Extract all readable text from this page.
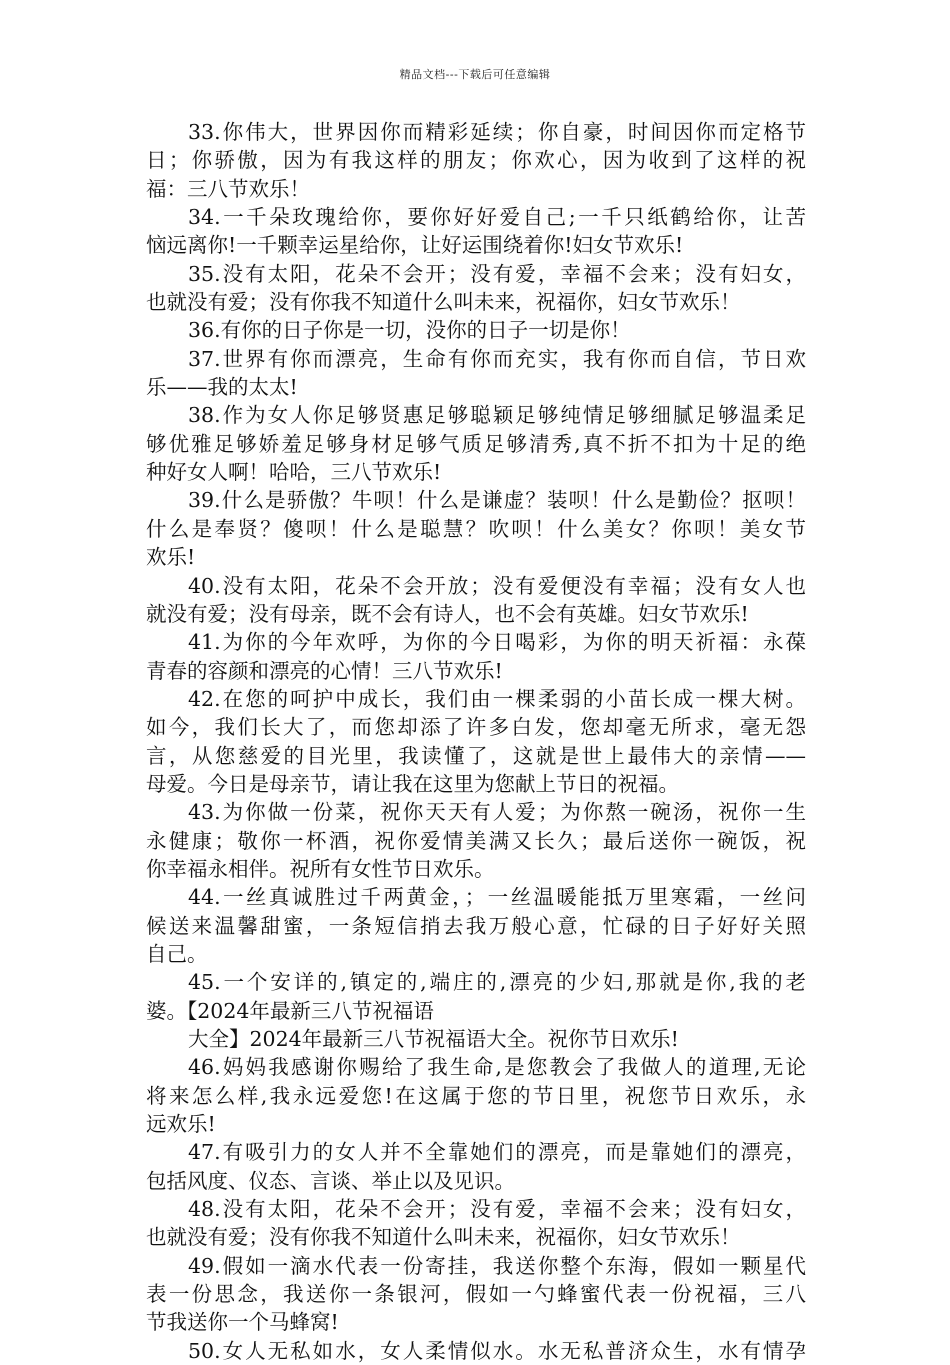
精品文档---下载后可任意编辑
33.你伟大，世界因你而精彩延续；你自豪，时间因你而定格节
日；你骄傲，因为有我这样的朋友；你欢心，因为收到了这样的祝
福：三八节欢乐！
34.一千朵玫瑰给你，要你好好爱自己;一千只纸鹤给你，让苦
恼远离你!一千颗幸运星给你，让好运围绕着你!妇女节欢乐!
35.没有太阳，花朵不会开；没有爱，幸福不会来；没有妇女，
也就没有爱；没有你我不知道什么叫未来，祝福你，妇女节欢乐！
36.有你的日子你是一切，没你的日子一切是你！
37.世界有你而漂亮，生命有你而充实，我有你而自信，节日欢
乐——我的太太!
38.作为女人你足够贤惠足够聪颖足够纯情足够细腻足够温柔足
够优雅足够娇羞足够身材足够气质足够清秀,真不折不扣为十足的绝
种好女人啊！哈哈，三八节欢乐!
39.什么是骄傲？牛呗！什么是谦虚？装呗！什么是勤俭？抠呗！
什么是奉贤？傻呗！什么是聪慧？吹呗！什么美女？你呗！美女节
欢乐!
40.没有太阳，花朵不会开放；没有爱便没有幸福；没有女人也
就没有爱；没有母亲，既不会有诗人，也不会有英雄。妇女节欢乐!
41.为你的今年欢呼，为你的今日喝彩，为你的明天祈福：永葆
青春的容颜和漂亮的心情！三八节欢乐!
42.在您的呵护中成长，我们由一棵柔弱的小苗长成一棵大树。
如今，我们长大了，而您却添了许多白发，您却毫无所求，毫无怨
言，从您慈爱的目光里，我读懂了，这就是世上最伟大的亲情——
母爱。今日是母亲节，请让我在这里为您献上节日的祝福。
43.为你做一份菜，祝你天天有人爱；为你熬一碗汤，祝你一生
永健康；敬你一杯酒，祝你爱情美满又长久；最后送你一碗饭，祝
你幸福永相伴。祝所有女性节日欢乐。
44.一丝真诚胜过千两黄金，；一丝温暖能抵万里寒霜，一丝问
候送来温馨甜蜜，一条短信捎去我万般心意，忙碌的日子好好关照
自己。
45.一个安详的,镇定的,端庄的,漂亮的少妇,那就是你,我的老
婆。【2024年最新三八节祝福语
大全】2024年最新三八节祝福语大全。祝你节日欢乐!
46.妈妈我感谢你赐给了我生命,是您教会了我做人的道理,无论
将来怎么样,我永远爱您!在这属于您的节日里，祝您节日欢乐，永
远欢乐!
47.有吸引力的女人并不全靠她们的漂亮，而是靠她们的漂亮，
包括风度、仪态、言谈、举止以及见识。
48.没有太阳，花朵不会开；没有爱，幸福不会来；没有妇女，
也就没有爱；没有你我不知道什么叫未来，祝福你，妇女节欢乐！
49.假如一滴水代表一份寄挂，我送你整个东海，假如一颗星代
表一份思念，我送你一条银河，假如一勺蜂蜜代表一份祝福，三八
节我送你一个马蜂窝!
50.女人无私如水，女人柔情似水。水无私普济众生，水有情孕
